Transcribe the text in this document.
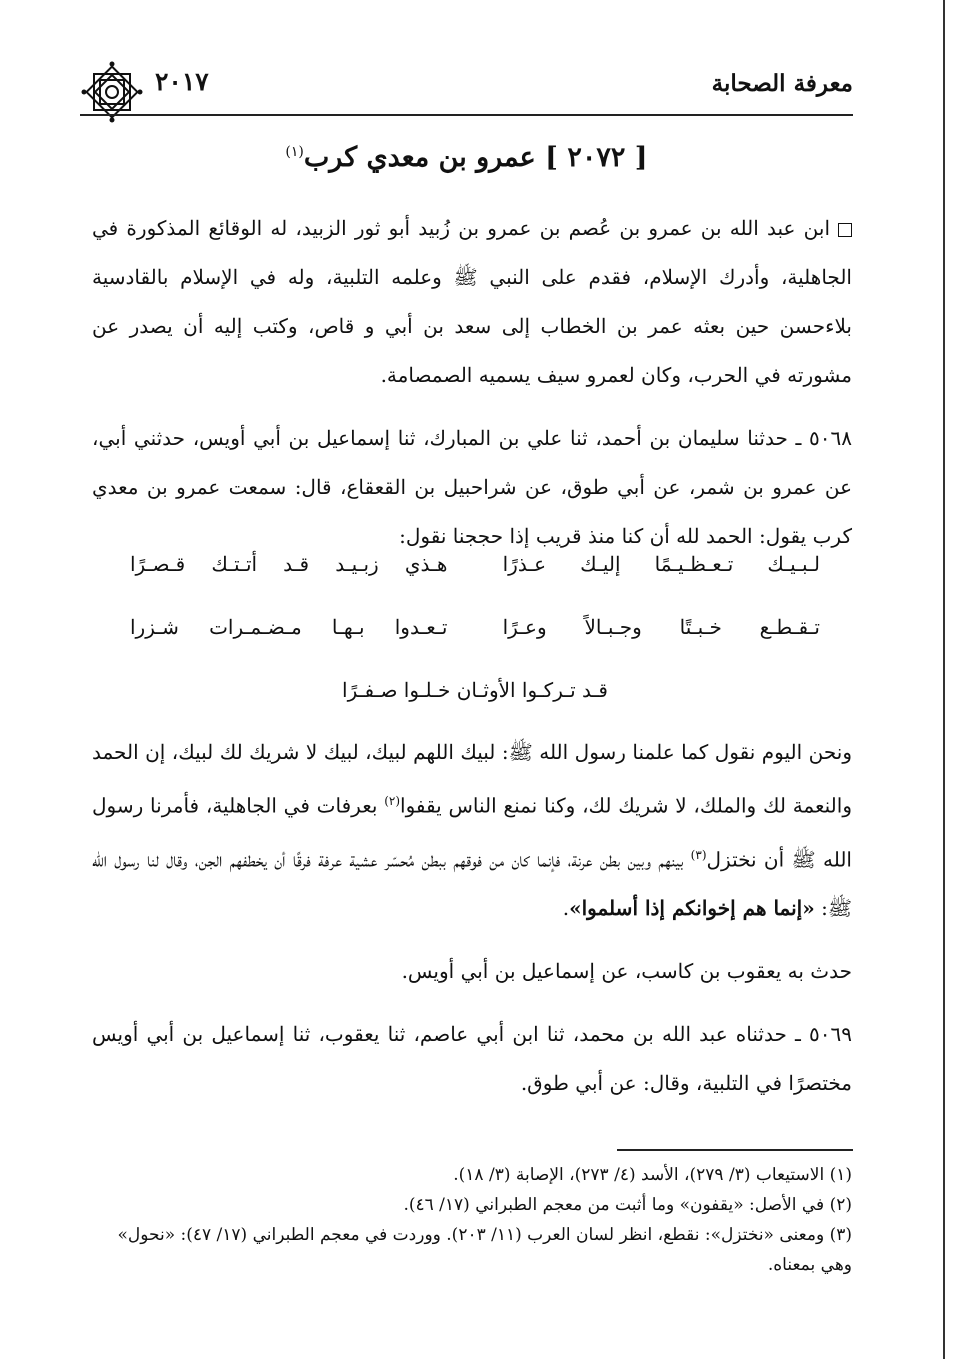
معرفة الصحابة
٢٠١٧
[ ٢٠٧٢ ] عمرو بن معدي كرب$^{(١)}$

ابن عبد الله بن عمرو بن عُصم بن عمرو بن زُبيد أبو ثور الزبيد، له الوقائع المذكورة في الجاهلية، وأدرك الإسلام، فقدم على النبي ﷺ وعلمه التلبية، وله في الإسلام بالقادسية بلاءحسن حين بعثه عمر بن الخطاب إلى سعد بن أبي و قاص، وكتب إليه أن يصدر عن مشورته في الحرب، وكان لعمرو سيف يسميه الصمصامة.

٥٠٦٨ ـ حدثنا سليمان بن أحمد، ثنا علي بن المبارك، ثنا إسماعيل بن أبي أويس، حدثني أبي، عن عمرو بن شمر، عن أبي طوق، عن شراحبيل بن القعقاع، قال: سمعت عمرو بن معدي كرب يقول: الحمد لله أن كنا منذ قريب إذا حججنا نقول:

لـبـيـك تـعـظـيـمًا إليـك عـذرًا
هـذي زبـيـد قـد أتـتـك قـصـرًا
تـقـطـع خـبـتًا وجـبـالاً وعـرًا
تـعـدوا بـهـا مـضـمـرات شـزرا
قـد تـركـوا الأوثـان خـلـوا صـفـرًا

ونحن اليوم نقول كما علمنا رسول الله ﷺ: لبيك اللهم لبيك، لبيك لا شريك لك لبيك، إن الحمد والنعمة لك والملك، لا شريك لك، وكنا نمنع الناس يقفوا$^{(٢)}$ بعرفات في الجاهلية، فأمرنا رسول الله ﷺ أن نختزل$^{(٣)}$ بينهم وبين بطن عرنة، فإنما كان من فوقهم ببطن مُحسّر عشية عرفة فرقًا أن يخطفهم الجن، وقال لنا رسول الله ﷺ: «إنما هم إخوانكم إذا أسلموا».

حدث به يعقوب بن كاسب، عن إسماعيل بن أبي أويس.

٥٠٦٩ ـ حدثناه عبد الله بن محمد، ثنا ابن أبي عاصم، ثنا يعقوب، ثنا إسماعيل بن أبي أويس مختصرًا في التلبية، وقال: عن أبي طوق.

(١) الاستيعاب (٣/ ٢٧٩)، الأسد (٤/ ٢٧٣)، الإصابة (٣/ ١٨).
(٢) في الأصل: «يقفون» وما أثبت من معجم الطبراني (١٧/ ٤٦).
(٣) ومعنى «نختزل»: نقطع، انظر لسان العرب (١١/ ٢٠٣). ووردت في معجم الطبراني (١٧/ ٤٧): «نحول» وهي بمعناه.
